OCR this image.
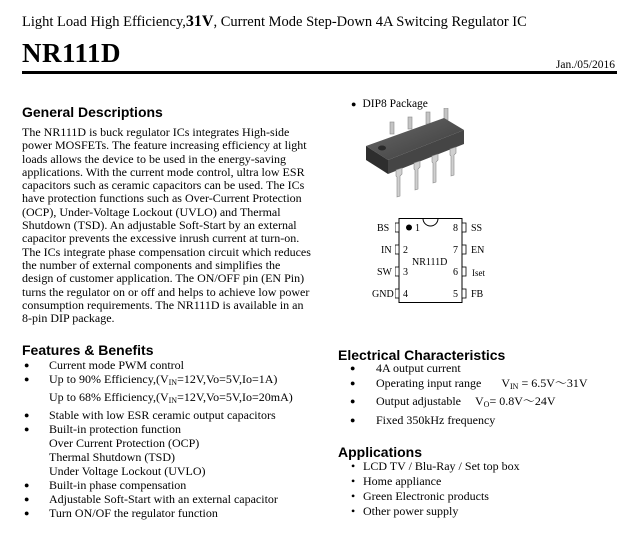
Light Load High Efficiency,31V, Current Mode Step-Down 4A Switcing Regulator IC
NR111D	Jan./05/2016
General Descriptions
The NR111D is buck regulator ICs integrates High-side
power MOSFETs. The feature increasing efficiency at light
loads allows the device to be used in the energy-saving
applications. With the current mode control, ultra low ESR
capacitors such as ceramic capacitors can be used. The ICs
have protection functions such as Over-Current Protection
(OCP), Under-Voltage Lockout (UVLO) and Thermal
Shutdown (TSD). An adjustable Soft-Start by an external
capacitor prevents the excessive inrush current at turn-on.
The ICs integrate phase compensation circuit which reduces
the number of external components and simplifies the
design of customer application. The ON/OFF pin (EN Pin)
turns the regulator on or off and helps to achieve low power
consumption requirements. The NR111D is available in an
8-pin DIP package.
Features & Benefits
● Current mode PWM control
● Up to 90% $Efficiency,(V_{IN}=12V,Vo=5V,Io=1A)$
Up to 68% $Efficiency,(V_{IN}=12V,Vo=5V,Io=20mA)$
● Stable with low ESR ceramic output capacitors
● Built-in protection function
Over Current Protection (OCP)
Thermal Shutdown (TSD)
Under Voltage Lockout (UVLO)
● Built-in phase compensation
● Adjustable Soft-Start with an external capacitor
● Turn ON/OF the regulator function
● DIP8 Package
BS
IN
SW
GND
1
2
3
4
8
7
6
5
SS
EN
Iset
FB
NR111D
Electrical Characteristics
● 4A output current
● Operating input range $V_{IN}$ = 6.5V～31V
● Output adjustable $V_O=$ 0.8V～24V
● Fixed 350kHz frequency
Applications
• LCD TV / Blu-Ray / Set top box
• Home appliance
• Green Electronic products
• Other power supply
